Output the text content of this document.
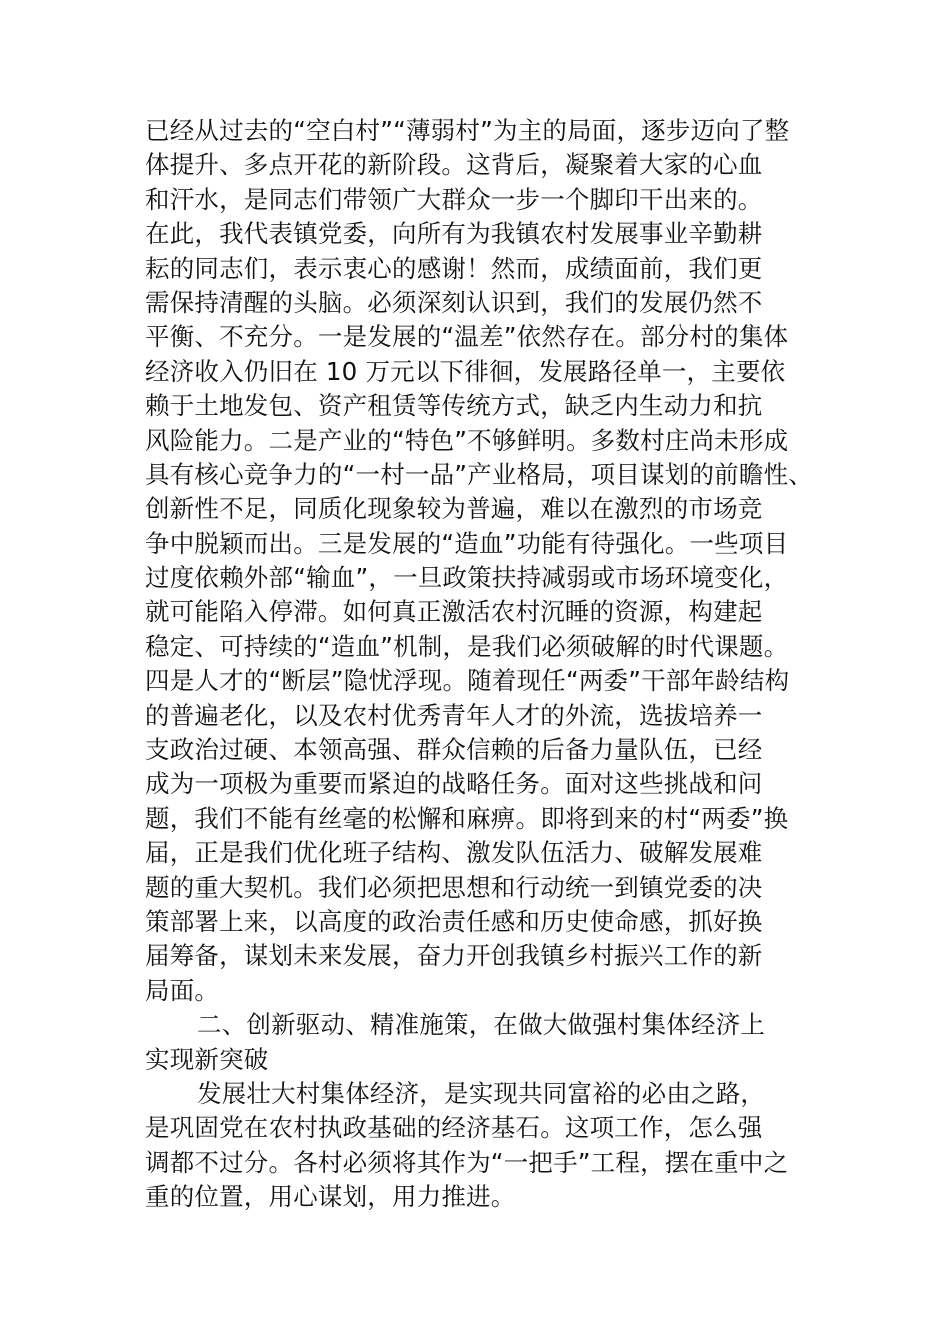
已经从过去的“空白村”“薄弱村”为主的局面，逐步迈向了整
体提升、多点开花的新阶段。这背后，凝聚着大家的心血
和汗水，是同志们带领广大群众一步一个脚印干出来的。
在此，我代表镇党委，向所有为我镇农村发展事业辛勤耕
耘的同志们，表示衷心的感谢！然而，成绩面前，我们更
需保持清醒的头脑。必须深刻认识到，我们的发展仍然不
平衡、不充分。一是发展的“温差”依然存在。部分村的集体
经济收入仍旧在 10 万元以下徘徊，发展路径单一，主要依
赖于土地发包、资产租赁等传统方式，缺乏内生动力和抗
风险能力。二是产业的“特色”不够鲜明。多数村庄尚未形成
具有核心竞争力的“一村一品”产业格局，项目谋划的前瞻性、
创新性不足，同质化现象较为普遍，难以在激烈的市场竞
争中脱颖而出。三是发展的“造血”功能有待强化。一些项目
过度依赖外部“输血”，一旦政策扶持减弱或市场环境变化，
就可能陷入停滞。如何真正激活农村沉睡的资源，构建起
稳定、可持续的“造血”机制，是我们必须破解的时代课题。
四是人才的“断层”隐忧浮现。随着现任“两委”干部年龄结构
的普遍老化，以及农村优秀青年人才的外流，选拔培养一
支政治过硬、本领高强、群众信赖的后备力量队伍，已经
成为一项极为重要而紧迫的战略任务。面对这些挑战和问
题，我们不能有丝毫的松懈和麻痹。即将到来的村“两委”换
届，正是我们优化班子结构、激发队伍活力、破解发展难
题的重大契机。我们必须把思想和行动统一到镇党委的决
策部署上来，以高度的政治责任感和历史使命感，抓好换
届筹备，谋划未来发展，奋力开创我镇乡村振兴工作的新
局面。
二、创新驱动、精准施策，在做大做强村集体经济上
实现新突破
发展壮大村集体经济，是实现共同富裕的必由之路，
是巩固党在农村执政基础的经济基石。这项工作，怎么强
调都不过分。各村必须将其作为“一把手”工程，摆在重中之
重的位置，用心谋划，用力推进。
